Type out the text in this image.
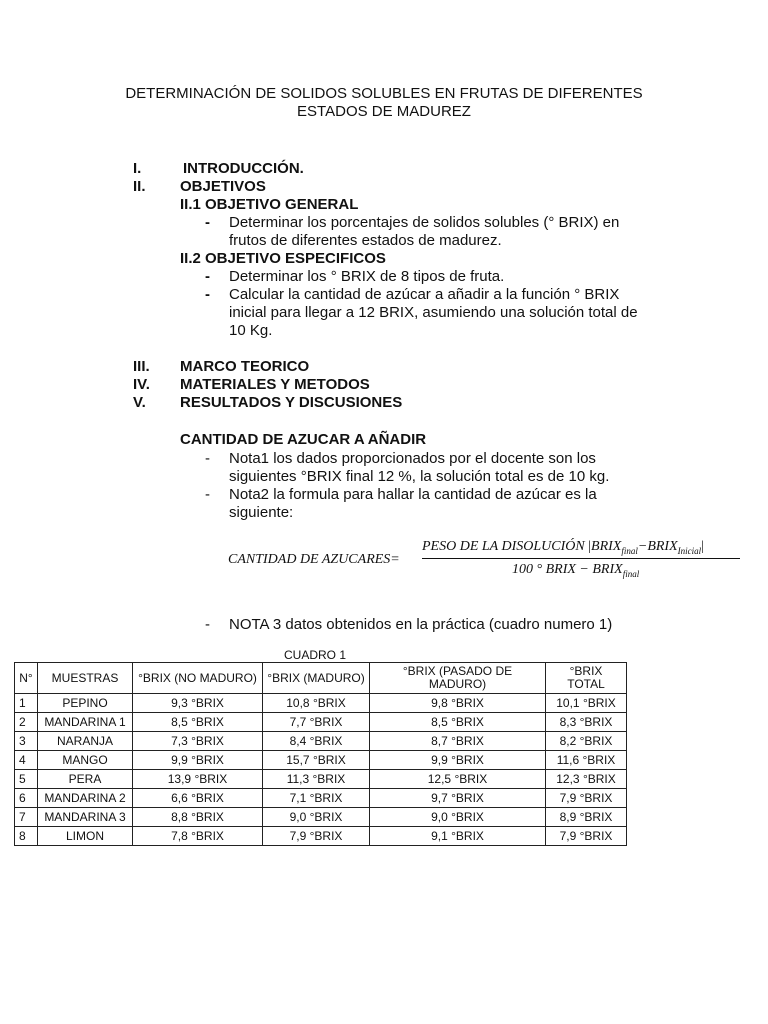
DETERMINACIÓN DE SOLIDOS SOLUBLES EN FRUTAS DE DIFERENTES
ESTADOS DE MADUREZ
I.	INTRODUCCIÓN.
II. OBJETIVOS
II.1 OBJETIVO GENERAL
- Determinar los porcentajes de solidos solubles (° BRIX) en
frutos de diferentes estados de madurez.
II.2 OBJETIVO ESPECIFICOS
- Determinar los ° BRIX de 8 tipos de fruta.
- Calcular la cantidad de azúcar a añadir a la función ° BRIX
inicial para llegar a 12 BRIX, asumiendo una solución total de
10 Kg.
III. MARCO TEORICO
IV. MATERIALES Y METODOS
V. RESULTADOS Y DISCUSIONES
CANTIDAD DE AZUCAR A AÑADIR
- Nota1 los dados proporcionados por el docente son los
siguientes °BRIX final 12 %, la solución total es de 10 kg.
- Nota2 la formula para hallar la cantidad de azúcar es la
siguiente:
CANTIDAD DE AZUCARES=
PESO DE LA DISOLUCIÓN $|BRIX_{final}-BRIX_{Inicial}|$
100 ° BRIX − $BRIX_{final}$
- NOTA 3 datos obtenidos en la práctica (cuadro numero 1)
CUADRO 1
N°	MUESTRAS	°BRIX (NO MADURO)	°BRIX (MADURO)	°BRIX (PASADO DE MADURO)	°BRIX TOTAL
1	PEPINO	9,3 °BRIX	10,8 °BRIX	9,8 °BRIX	10,1 °BRIX
2	MANDARINA 1	8,5 °BRIX	7,7 °BRIX	8,5 °BRIX	8,3 °BRIX
3	NARANJA	7,3 °BRIX	8,4 °BRIX	8,7 °BRIX	8,2 °BRIX
4	MANGO	9,9 °BRIX	15,7 °BRIX	9,9 °BRIX	11,6 °BRIX
5	PERA	13,9 °BRIX	11,3 °BRIX	12,5 °BRIX	12,3 °BRIX
6	MANDARINA 2	6,6 °BRIX	7,1 °BRIX	9,7 °BRIX	7,9 °BRIX
7	MANDARINA 3	8,8 °BRIX	9,0 °BRIX	9,0 °BRIX	8,9 °BRIX
8	LIMON	7,8 °BRIX	7,9 °BRIX	9,1 °BRIX	7,9 °BRIX
